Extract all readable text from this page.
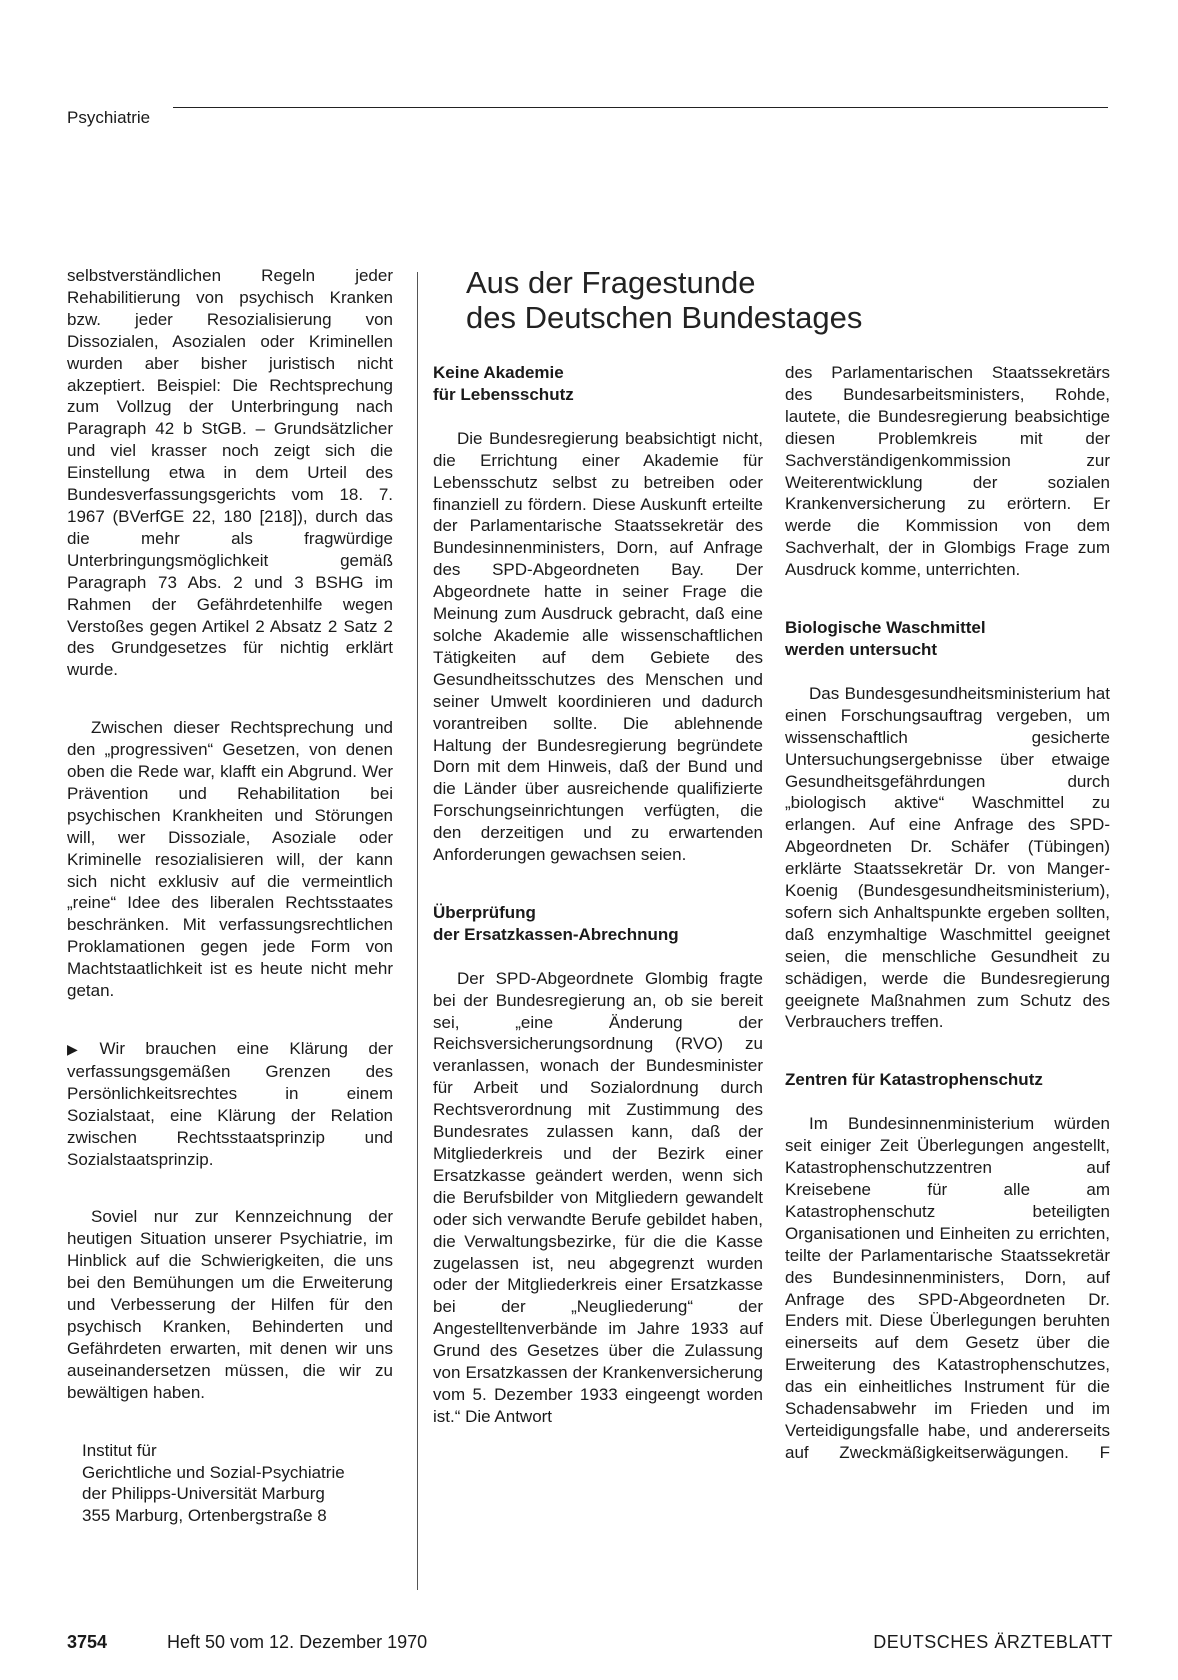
Psychiatrie

selbstverständlichen Regeln jeder Rehabilitierung von psychisch Kranken bzw. jeder Resozialisierung von Dissozialen, Asozialen oder Kriminellen wurden aber bisher juristisch nicht akzeptiert. Beispiel: Die Rechtsprechung zum Vollzug der Unterbringung nach Paragraph 42 b StGB. – Grundsätzlicher und viel krasser noch zeigt sich die Einstellung etwa in dem Urteil des Bundesverfassungsgerichts vom 18. 7. 1967 (BVerfGE 22, 180 [218]), durch das die mehr als fragwürdige Unterbringungsmöglichkeit gemäß Paragraph 73 Abs. 2 und 3 BSHG im Rahmen der Gefährdetenhilfe wegen Verstoßes gegen Artikel 2 Absatz 2 Satz 2 des Grundgesetzes für nichtig erklärt wurde.

Zwischen dieser Rechtsprechung und den „progressiven“ Gesetzen, von denen oben die Rede war, klafft ein Abgrund. Wer Prävention und Rehabilitation bei psychischen Krankheiten und Störungen will, wer Dissoziale, Asoziale oder Kriminelle resozialisieren will, der kann sich nicht exklusiv auf die vermeintlich „reine“ Idee des liberalen Rechtsstaates beschränken. Mit verfassungsrechtlichen Proklamationen gegen jede Form von Machtstaatlichkeit ist es heute nicht mehr getan.

▶ Wir brauchen eine Klärung der verfassungsgemäßen Grenzen des Persönlichkeitsrechtes in einem Sozialstaat, eine Klärung der Relation zwischen Rechtsstaatsprinzip und Sozialstaatsprinzip.

Soviel nur zur Kennzeichnung der heutigen Situation unserer Psychiatrie, im Hinblick auf die Schwierigkeiten, die uns bei den Bemühungen um die Erweiterung und Verbesserung der Hilfen für den psychisch Kranken, Behinderten und Gefährdeten erwarten, mit denen wir uns auseinandersetzen müssen, die wir zu bewältigen haben.

Institut für
Gerichtliche und Sozial-Psychiatrie
der Philipps-Universität Marburg
355 Marburg, Ortenbergstraße 8
Aus der Fragestunde
des Deutschen Bundestages

Keine Akademie
für Lebensschutz

Die Bundesregierung beabsichtigt nicht, die Errichtung einer Akademie für Lebensschutz selbst zu betreiben oder finanziell zu fördern. Diese Auskunft erteilte der Parlamentarische Staatssekretär des Bundesinnenministers, Dorn, auf Anfrage des SPD-Abgeordneten Bay. Der Abgeordnete hatte in seiner Frage die Meinung zum Ausdruck gebracht, daß eine solche Akademie alle wissenschaftlichen Tätigkeiten auf dem Gebiete des Gesundheitsschutzes des Menschen und seiner Umwelt koordinieren und dadurch vorantreiben sollte. Die ablehnende Haltung der Bundesregierung begründete Dorn mit dem Hinweis, daß der Bund und die Länder über ausreichende qualifizierte Forschungseinrichtungen verfügten, die den derzeitigen und zu erwartenden Anforderungen gewachsen seien.

Überprüfung
der Ersatzkassen-Abrechnung

Der SPD-Abgeordnete Glombig fragte bei der Bundesregierung an, ob sie bereit sei, „eine Änderung der Reichsversicherungsordnung (RVO) zu veranlassen, wonach der Bundesminister für Arbeit und Sozialordnung durch Rechtsverordnung mit Zustimmung des Bundesrates zulassen kann, daß der Mitgliederkreis und der Bezirk einer Ersatzkasse geändert werden, wenn sich die Berufsbilder von Mitgliedern gewandelt oder sich verwandte Berufe gebildet haben, die Verwaltungsbezirke, für die die Kasse zugelassen ist, neu abgegrenzt wurden oder der Mitgliederkreis einer Ersatzkasse bei der „Neugliederung“ der Angestelltenverbände im Jahre 1933 auf Grund des Gesetzes über die Zulassung von Ersatzkassen der Krankenversicherung vom 5. Dezember 1933 eingeengt worden ist.“ Die Antwort

des Parlamentarischen Staatssekretärs des Bundesarbeitsministers, Rohde, lautete, die Bundesregierung beabsichtige diesen Problemkreis mit der Sachverständigenkommission zur Weiterentwicklung der sozialen Krankenversicherung zu erörtern. Er werde die Kommission von dem Sachverhalt, der in Glombigs Frage zum Ausdruck komme, unterrichten.

Biologische Waschmittel
werden untersucht

Das Bundesgesundheitsministerium hat einen Forschungsauftrag vergeben, um wissenschaftlich gesicherte Untersuchungsergebnisse über etwaige Gesundheitsgefährdungen durch „biologisch aktive“ Waschmittel zu erlangen. Auf eine Anfrage des SPD-Abgeordneten Dr. Schäfer (Tübingen) erklärte Staatssekretär Dr. von Manger-Koenig (Bundesgesundheitsministerium), sofern sich Anhaltspunkte ergeben sollten, daß enzymhaltige Waschmittel geeignet seien, die menschliche Gesundheit zu schädigen, werde die Bundesregierung geeignete Maßnahmen zum Schutz des Verbrauchers treffen.

Zentren für Katastrophenschutz

Im Bundesinnenministerium würden seit einiger Zeit Überlegungen angestellt, Katastrophenschutzzentren auf Kreisebene für alle am Katastrophenschutz beteiligten Organisationen und Einheiten zu errichten, teilte der Parlamentarische Staatssekretär des Bundesinnenministers, Dorn, auf Anfrage des SPD-Abgeordneten Dr. Enders mit. Diese Überlegungen beruhten einerseits auf dem Gesetz über die Erweiterung des Katastrophenschutzes, das ein einheitliches Instrument für die Schadensabwehr im Frieden und im Verteidigungsfalle habe, und andererseits auf Zweckmäßigkeitserwägungen. F

3754	Heft 50 vom 12. Dezember 1970	DEUTSCHES ÄRZTEBLATT
